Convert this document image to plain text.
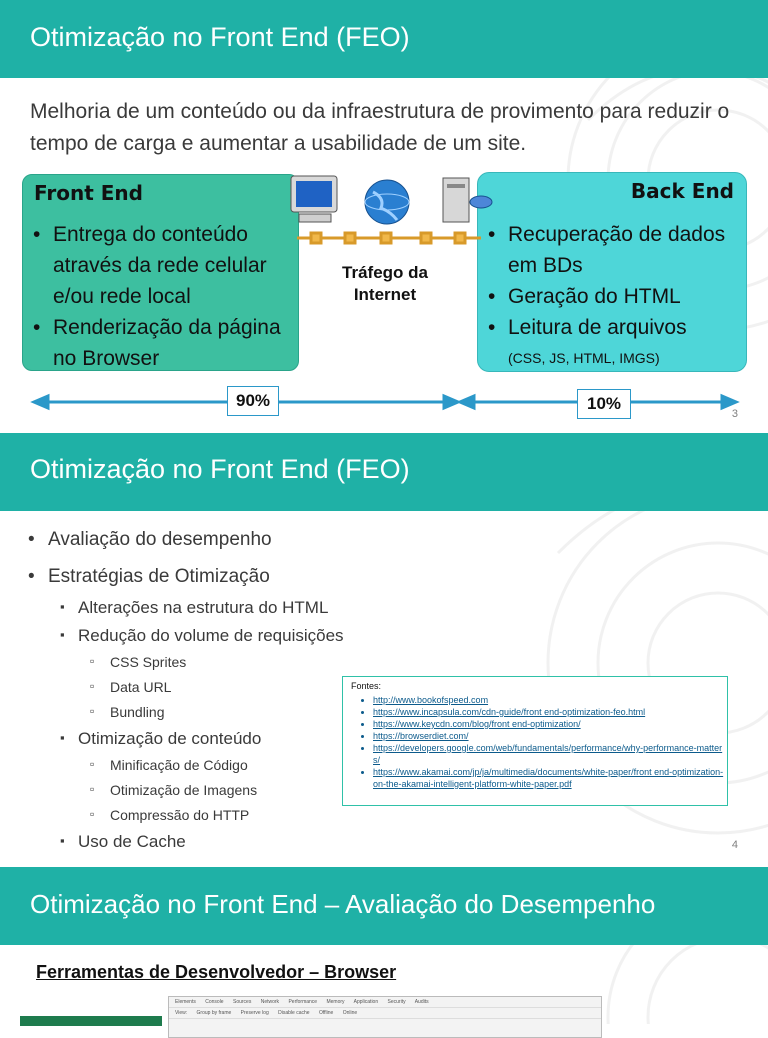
Otimização no Front End (FEO)
Melhoria de um conteúdo ou da infraestrutura de provimento para reduzir o tempo de carga e aumentar a usabilidade de um site.
Front End
• Entrega do conteúdo através da rede celular e/ou rede local
• Renderização da página no Browser
Back End
• Recuperação de dados em BDs
• Geração do HTML
• Leitura de arquivos
(CSS, JS, HTML, IMGS)
Tráfego da Internet
90%	10%
3
Otimização no Front End (FEO)
• Avaliação do desempenho
• Estratégias de Otimização
▪ Alterações na estrutura do HTML
▪ Redução do volume de requisições
▫ CSS Sprites
▫ Data URL
▫ Bundling
▪ Otimização de conteúdo
▫ Minificação de Código
▫ Otimização de Imagens
▫ Compressão do HTTP
▪ Uso de Cache	4
Fontes:
• http://www.bookofspeed.com
• https://www.incapsula.com/cdn-guide/front end-optimization-feo.html
• https://www.keycdn.com/blog/front end-optimization/
• https://browserdiet.com/
• https://developers.google.com/web/fundamentals/performance/why-performance-matters/
• https://www.akamai.com/jp/ja/multimedia/documents/white-paper/front end-optimization-on-the-akamai-intelligent-platform-white-paper.pdf
Otimização no Front End – Avaliação do Desempenho
Ferramentas de Desenvolvedor – Browser
Elements Console Sources Network Performance Memory Application Security Audits
View: Group by frame Preserve log Disable cache Offline Online
